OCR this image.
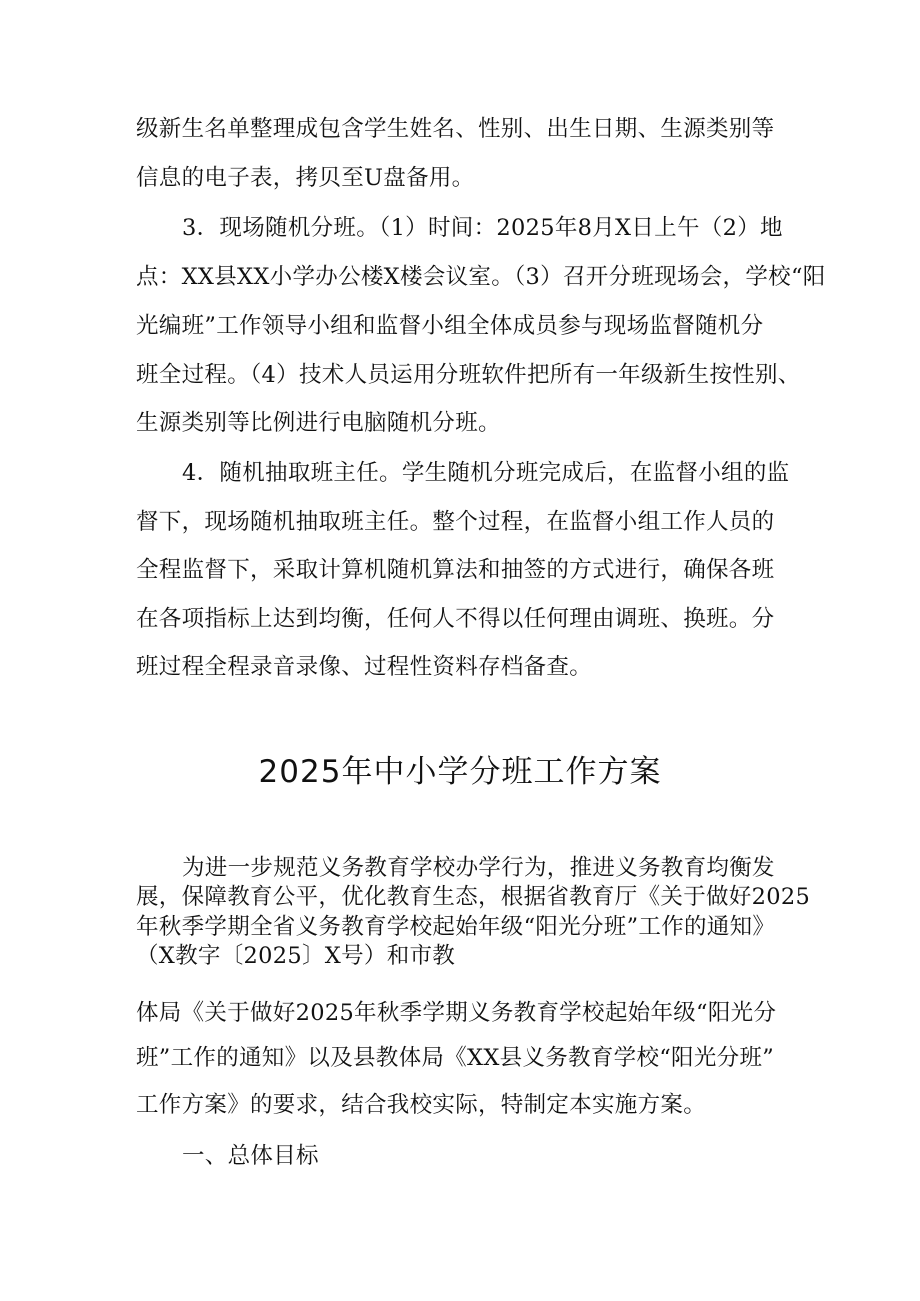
级新生名单整理成包含学生姓名、性别、出生日期、生源类别等
信息的电子表，拷贝至U盘备用。
3．现场随机分班。（1）时间：2025年8月X日上午（2）地
点：XX县XX小学办公楼X楼会议室。（3）召开分班现场会，学校“阳
光编班”工作领导小组和监督小组全体成员参与现场监督随机分
班全过程。（4）技术人员运用分班软件把所有一年级新生按性别、
生源类别等比例进行电脑随机分班。
4．随机抽取班主任。学生随机分班完成后，在监督小组的监
督下，现场随机抽取班主任。整个过程，在监督小组工作人员的
全程监督下，采取计算机随机算法和抽签的方式进行，确保各班
在各项指标上达到均衡，任何人不得以任何理由调班、换班。分
班过程全程录音录像、过程性资料存档备查。
2025年中小学分班工作方案
为进一步规范义务教育学校办学行为，推进义务教育均衡发
展，保障教育公平，优化教育生态，根据省教育厅《关于做好2025
年秋季学期全省义务教育学校起始年级“阳光分班”工作的通知》
（X教字〔2025〕X号）和市教
体局《关于做好2025年秋季学期义务教育学校起始年级“阳光分
班”工作的通知》以及县教体局《XX县义务教育学校“阳光分班”
工作方案》的要求，结合我校实际，特制定本实施方案。
一、总体目标
